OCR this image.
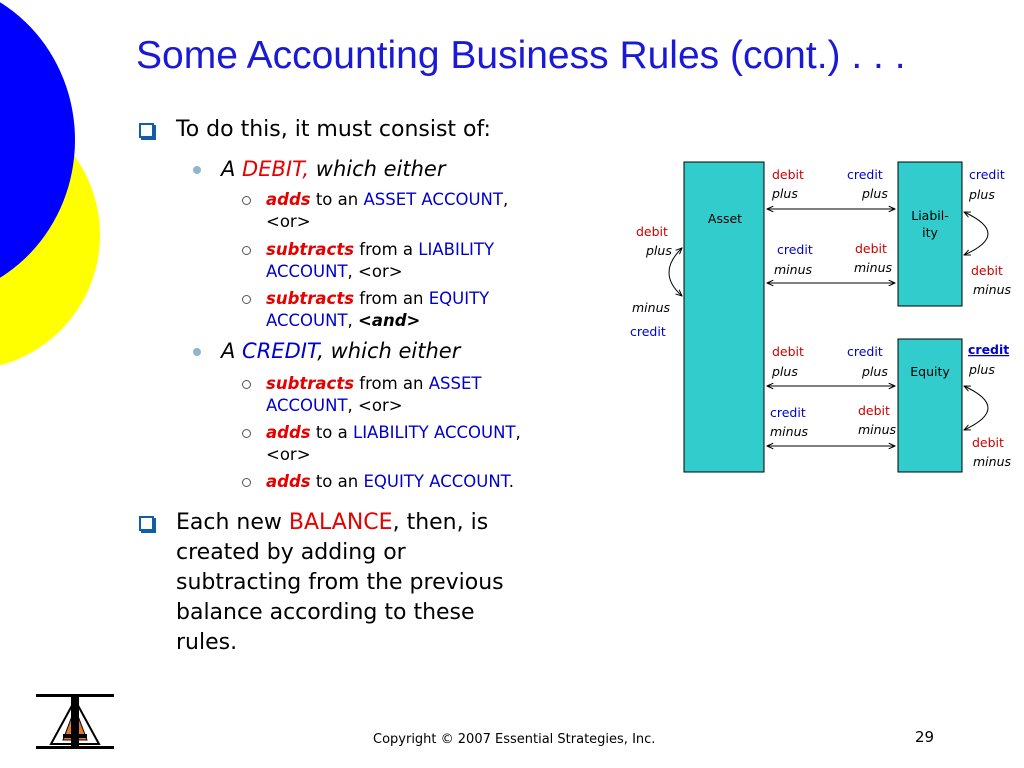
Some Accounting Business Rules (cont.) . . .
To do this, it must consist of:
A DEBIT, which either
adds to an ASSET ACCOUNT,
<or>
subtracts from a LIABILITY
ACCOUNT, <or>
subtracts from an EQUITY
ACCOUNT, <and>
A CREDIT, which either
subtracts from an ASSET
ACCOUNT, <or>
adds to a LIABILITY ACCOUNT,
<or>
adds to an EQUITY ACCOUNT.
Each new BALANCE, then, is
created by adding or
subtracting from the previous
balance according to these
rules.
Asset	Liabil-
ity
Equity
debit
plus
minus
credit
debit
plus
credit
plus
credit
minus
debit
minus
credit
plus
debit
minus
debit
plus
credit
plus
credit
minus
debit
minus
credit
plus
debit
minus
Copyright © 2007 Essential Strategies, Inc.	29
